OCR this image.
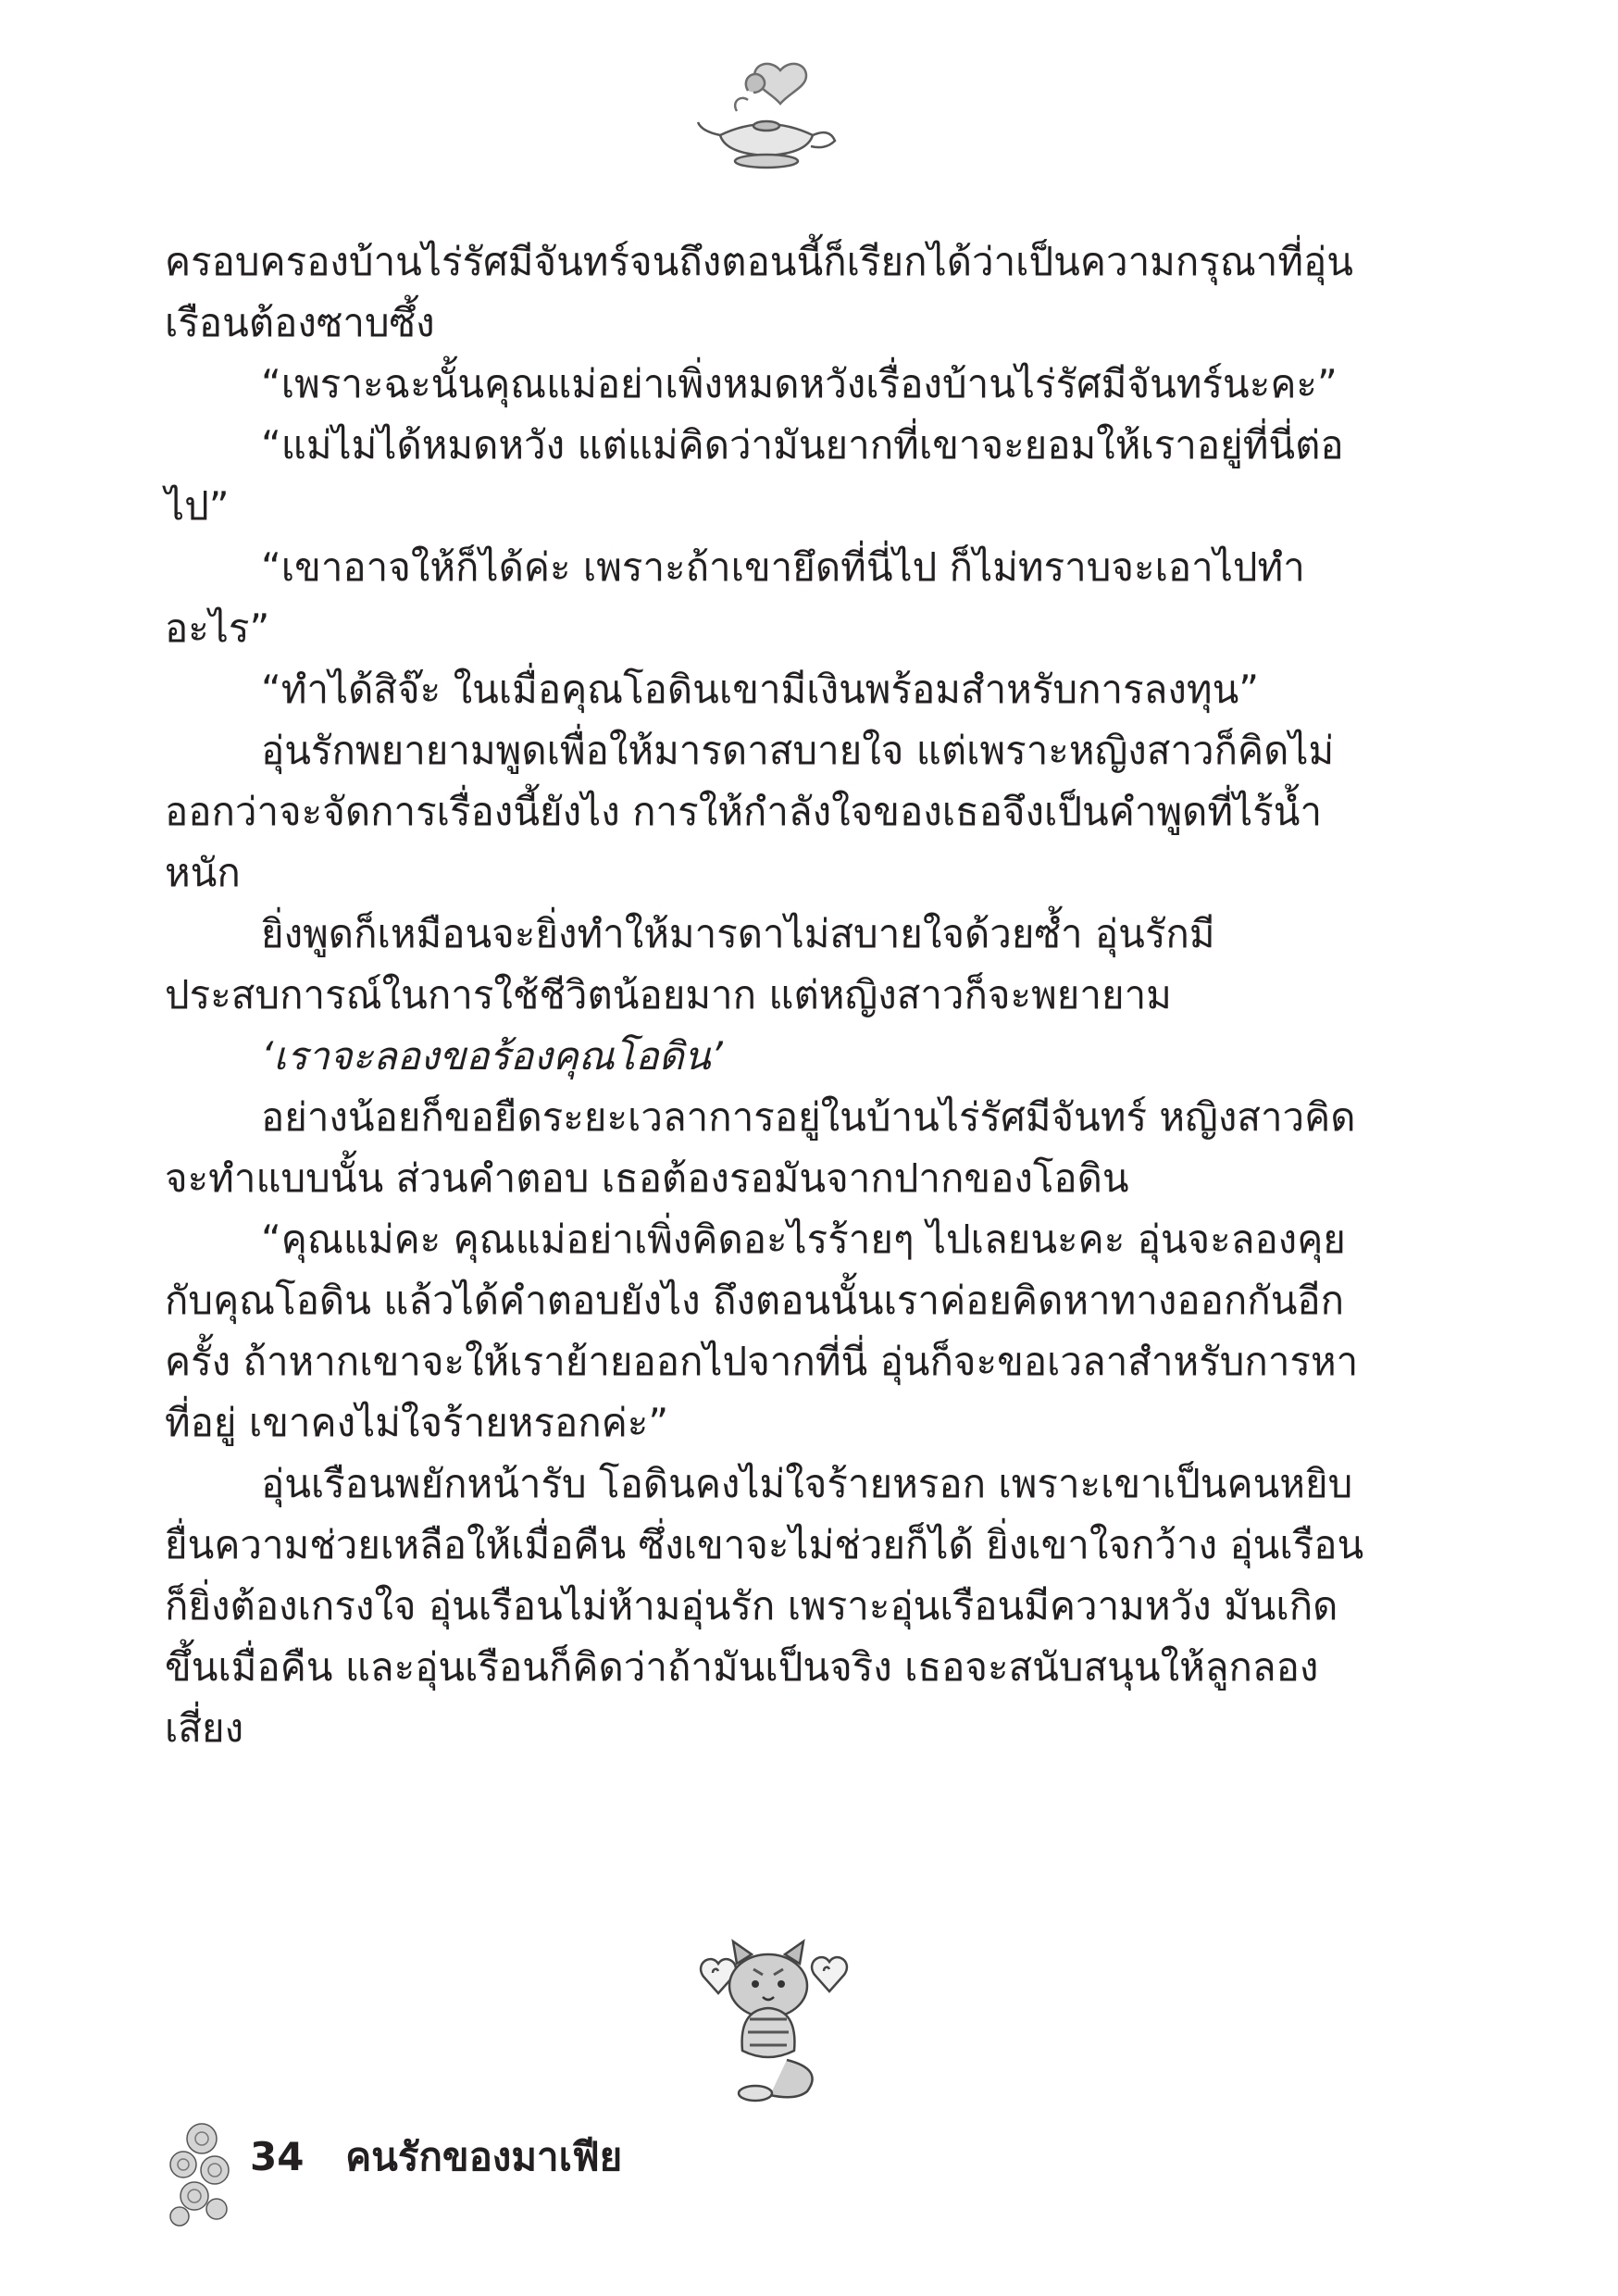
ครอบครองบ้านไร่รัศมีจันทร์จนถึงตอนนี้ก็เรียกได้ว่าเป็นความกรุณาที่อุ่นเรือนต้องซาบซึ้ง

“เพราะฉะนั้นคุณแม่อย่าเพิ่งหมดหวังเรื่องบ้านไร่รัศมีจันทร์นะคะ”

“แม่ไม่ได้หมดหวัง แต่แม่คิดว่ามันยากที่เขาจะยอมให้เราอยู่ที่นี่ต่อไป”

“เขาอาจให้ก็ได้ค่ะ เพราะถ้าเขายึดที่นี่ไป ก็ไม่ทราบจะเอาไปทำอะไร”

“ทำได้สิจ๊ะ ในเมื่อคุณโอดินเขามีเงินพร้อมสำหรับการลงทุน”

อุ่นรักพยายามพูดเพื่อให้มารดาสบายใจ แต่เพราะหญิงสาวก็คิดไม่ออกว่าจะจัดการเรื่องนี้ยังไง การให้กำลังใจของเธอจึงเป็นคำพูดที่ไร้น้ำหนัก

ยิ่งพูดก็เหมือนจะยิ่งทำให้มารดาไม่สบายใจด้วยซ้ำ อุ่นรักมีประสบการณ์ในการใช้ชีวิตน้อยมาก แต่หญิงสาวก็จะพยายาม

‘เราจะลองขอร้องคุณโอดิน’

อย่างน้อยก็ขอยืดระยะเวลาการอยู่ในบ้านไร่รัศมีจันทร์ หญิงสาวคิดจะทำแบบนั้น ส่วนคำตอบ เธอต้องรอมันจากปากของโอดิน

“คุณแม่คะ คุณแม่อย่าเพิ่งคิดอะไรร้ายๆ ไปเลยนะคะ อุ่นจะลองคุยกับคุณโอดิน แล้วได้คำตอบยังไง ถึงตอนนั้นเราค่อยคิดหาทางออกกันอีกครั้ง ถ้าหากเขาจะให้เราย้ายออกไปจากที่นี่ อุ่นก็จะขอเวลาสำหรับการหาที่อยู่ เขาคงไม่ใจร้ายหรอกค่ะ”

อุ่นเรือนพยักหน้ารับ โอดินคงไม่ใจร้ายหรอก เพราะเขาเป็นคนหยิบยื่นความช่วยเหลือให้เมื่อคืน ซึ่งเขาจะไม่ช่วยก็ได้ ยิ่งเขาใจกว้าง อุ่นเรือนก็ยิ่งต้องเกรงใจ อุ่นเรือนไม่ห้ามอุ่นรัก เพราะอุ่นเรือนมีความหวัง มันเกิดขึ้นเมื่อคืน และอุ่นเรือนก็คิดว่าถ้ามันเป็นจริง เธอจะสนับสนุนให้ลูกลองเสี่ยง

34 คนรักของมาเฟีย
